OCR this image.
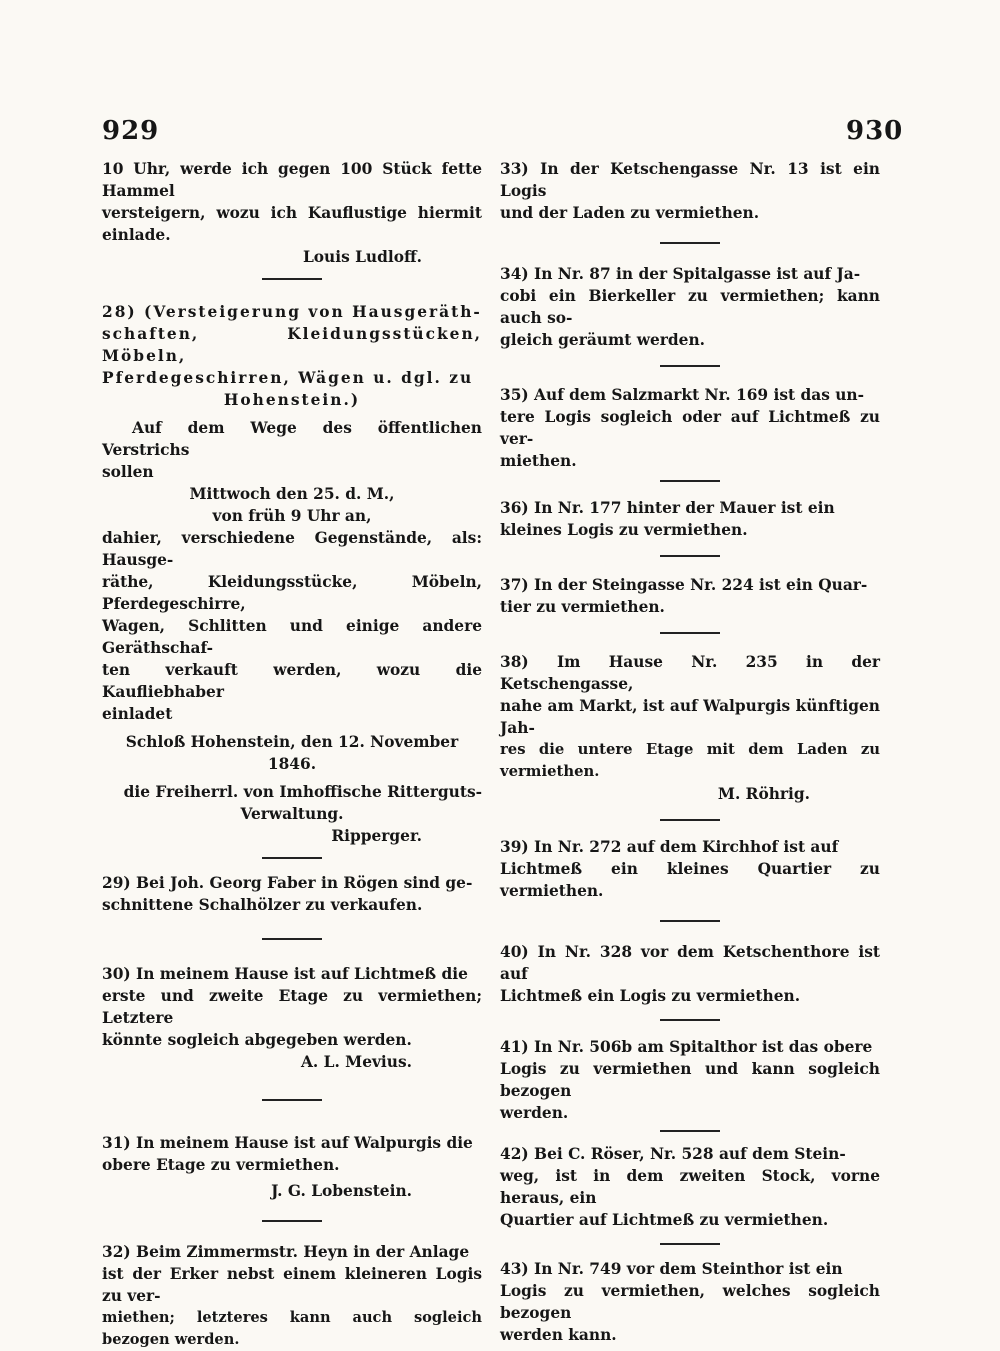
929	930

10 Uhr, werde ich gegen 100 Stück fette Hammel

versteigern, wozu ich Kauflustige hiermit einlade.

Louis Ludloff.

28) (Versteigerung von Hausgeräth-

schaften, Kleidungsstücken, Möbeln,

Pferdegeschirren, Wägen u. dgl. zu

Hohenstein.)

Auf dem Wege des öffentlichen Verstrichs

sollen

Mittwoch den 25. d. M.,

von früh 9 Uhr an,

dahier, verschiedene Gegenstände, als: Hausge-

räthe, Kleidungsstücke, Möbeln, Pferdegeschirre,

Wagen, Schlitten und einige andere Geräthschaf-

ten verkauft werden, wozu die Kaufliebhaber

einladet

Schloß Hohenstein, den 12. November 1846.

die Freiherrl. von Imhoffische Ritterguts-

Verwaltung.

Ripperger.

29) Bei Joh. Georg Faber in Rögen sind ge-

schnittene Schalhölzer zu verkaufen.

30) In meinem Hause ist auf Lichtmeß die

erste und zweite Etage zu vermiethen; Letztere

könnte sogleich abgegeben werden.

A. L. Mevius.

31) In meinem Hause ist auf Walpurgis die

obere Etage zu vermiethen.

J. G. Lobenstein.

32) Beim Zimmermstr. Heyn in der Anlage

ist der Erker nebst einem kleineren Logis zu ver-

miethen; letzteres kann auch sogleich bezogen werden.

33) In der Ketschengasse Nr. 13 ist ein Logis

und der Laden zu vermiethen.

34) In Nr. 87 in der Spitalgasse ist auf Ja-

cobi ein Bierkeller zu vermiethen; kann auch so-

gleich geräumt werden.

35) Auf dem Salzmarkt Nr. 169 ist das un-

tere Logis sogleich oder auf Lichtmeß zu ver-

miethen.

36) In Nr. 177 hinter der Mauer ist ein

kleines Logis zu vermiethen.

37) In der Steingasse Nr. 224 ist ein Quar-

tier zu vermiethen.

38) Im Hause Nr. 235 in der Ketschengasse,

nahe am Markt, ist auf Walpurgis künftigen Jah-

res die untere Etage mit dem Laden zu vermiethen.

M. Röhrig.

39) In Nr. 272 auf dem Kirchhof ist auf

Lichtmeß ein kleines Quartier zu vermiethen.

40) In Nr. 328 vor dem Ketschenthore ist auf

Lichtmeß ein Logis zu vermiethen.

41) In Nr. 506b am Spitalthor ist das obere

Logis zu vermiethen und kann sogleich bezogen

werden.

42) Bei C. Röser, Nr. 528 auf dem Stein-

weg, ist in dem zweiten Stock, vorne heraus, ein

Quartier auf Lichtmeß zu vermiethen.

43) In Nr. 749 vor dem Steinthor ist ein

Logis zu vermiethen, welches sogleich bezogen

werden kann.
